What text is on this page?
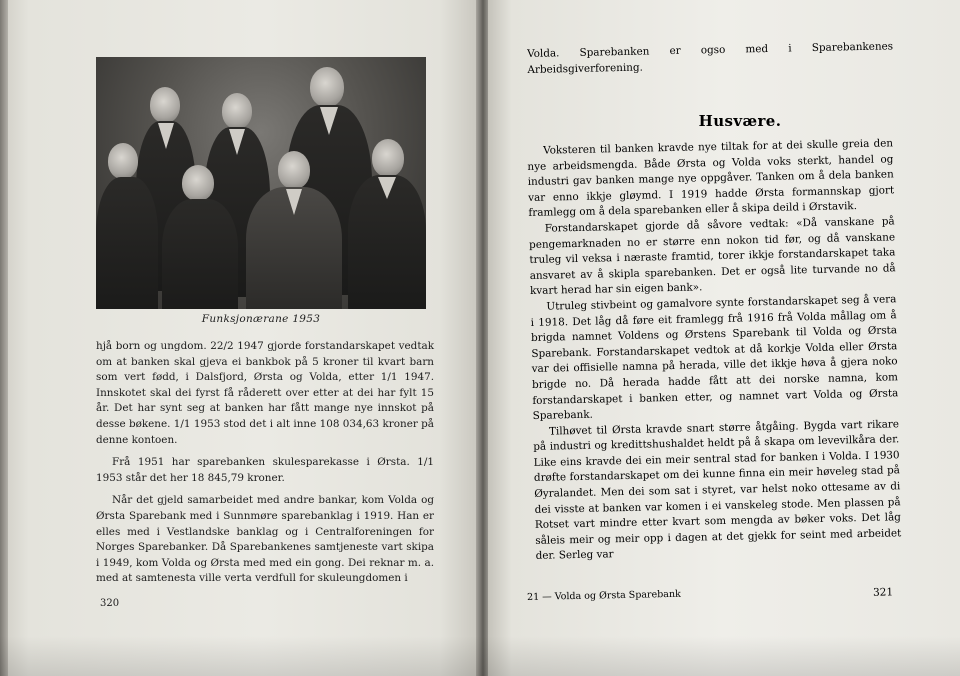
Funksjonærane 1953

hjå born og ungdom. 22/2 1947 gjorde forstandarskapet vedtak om at banken skal gjeva ei bankbok på 5 kroner til kvart barn som vert fødd, i Dalsfjord, Ørsta og Volda, etter 1/1 1947. Innskotet skal dei fyrst få råderett over etter at dei har fylt 15 år. Det har synt seg at banken har fått mange nye innskot på desse bøkene. 1/1 1953 stod det i alt inne 108 034,63 kroner på denne kontoen.

Frå 1951 har sparebanken skulesparekasse i Ørsta. 1/1 1953 står det her 18 845,79 kroner.

Når det gjeld samarbeidet med andre bankar, kom Volda og Ørsta Sparebank med i Sunnmøre sparebanklag i 1919. Han er elles med i Vestlandske banklag og i Centralforeningen for Norges Sparebanker. Då Sparebankenes samtjeneste vart skipa i 1949, kom Volda og Ørsta med med ein gong. Dei reknar m. a. med at samtenesta ville verta verdfull for skuleungdomen i

320

Volda. Sparebanken er ogso med i Sparebankenes Arbeidsgiverforening.

Husvære.

Voksteren til banken kravde nye tiltak for at dei skulle greia den nye arbeidsmengda. Både Ørsta og Volda voks sterkt, handel og industri gav banken mange nye oppgåver. Tanken om å dela banken var enno ikkje gløymd. I 1919 hadde Ørsta formannskap gjort framlegg om å dela sparebanken eller å skipa deild i Ørstavik.

Forstandarskapet gjorde då såvore vedtak: «Då vanskane på pengemarknaden no er større enn nokon tid før, og då vanskane truleg vil veksa i næraste framtid, torer ikkje forstandarskapet taka ansvaret av å skipla sparebanken. Det er også lite turvande no då kvart herad har sin eigen bank».

Utruleg stivbeint og gamalvore synte forstandarskapet seg å vera i 1918. Det låg då føre eit framlegg frå 1916 frå Volda mållag om å brigda namnet Voldens og Ørstens Sparebank til Volda og Ørsta Sparebank. Forstandarskapet vedtok at då korkje Volda eller Ørsta var dei offisielle namna på herada, ville det ikkje høva å gjera noko brigde no. Då herada hadde fått att dei norske namna, kom forstandarskapet i banken etter, og namnet vart Volda og Ørsta Sparebank.

Tilhøvet til Ørsta kravde snart større åtgåing. Bygda vart rikare på industri og kredittshushaldet heldt på å skapa om levevilkåra der. Like eins kravde dei ein meir sentral stad for banken i Volda. I 1930 drøfte forstandarskapet om dei kunne finna ein meir høveleg stad på Øyralandet. Men dei som sat i styret, var helst noko ottesame av di dei visste at banken var komen i ei vanskeleg stode. Men plassen på Rotset vart mindre etter kvart som mengda av bøker voks. Det låg såleis meir og meir opp i dagen at det gjekk for seint med arbeidet der. Serleg var

21 — Volda og Ørsta Sparebank	321
